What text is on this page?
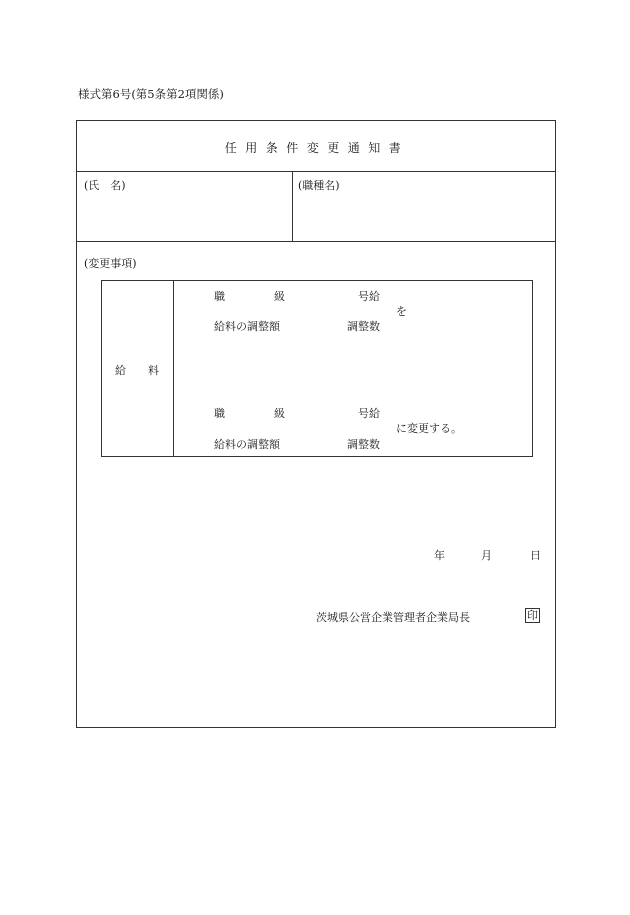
様式第6号(第5条第2項関係)
任用条件変更通知書
(氏　名)	(職種名)
(変更事項)
給　　料
職	級	号給
を
給料の調整額	調整数
職	級	号給
に変更する。
給料の調整額	調整数
年	月	日
茨城県公営企業管理者企業局長	印
